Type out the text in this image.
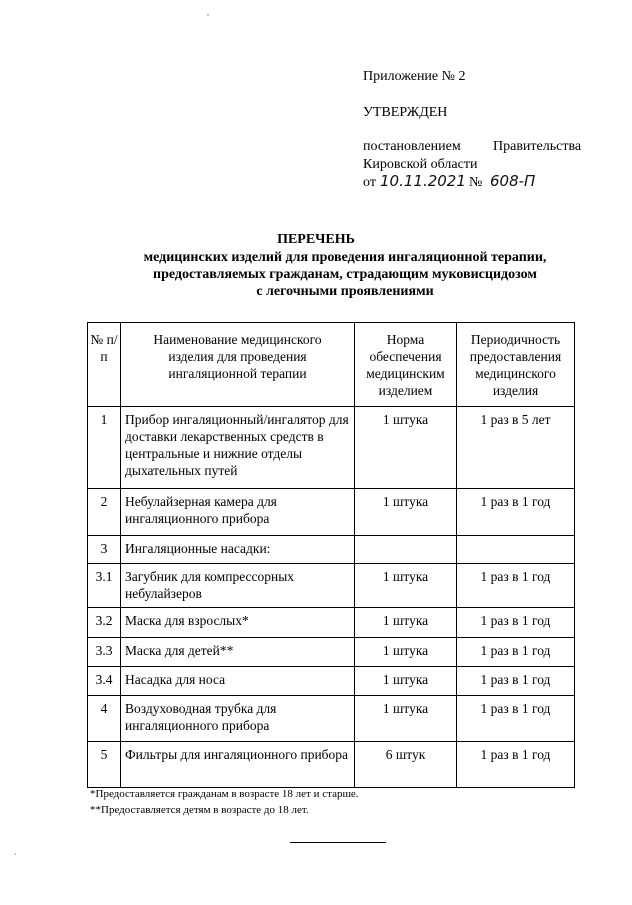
Приложение № 2
УТВЕРЖДЕН
постановлением Правительства
Кировской области
от 10.11.2021 № 608-П
ПЕРЕЧЕНЬ
медицинских изделий для проведения ингаляционной терапии,
предоставляемых гражданам, страдающим муковисцидозом
с легочными проявлениями
№ п/п	Наименование медицинского изделия для проведения ингаляционной терапии	Норма обеспечения медицинским изделием	Периодичность предоставления медицинского изделия
1	Прибор ингаляционный/ингалятор для доставки лекарственных средств в центральные и нижние отделы дыхательных путей	1 штука	1 раз в 5 лет
2	Небулайзерная камера для ингаляционного прибора	1 штука	1 раз в 1 год
3	Ингаляционные насадки:		
3.1	Загубник для компрессорных небулайзеров	1 штука	1 раз в 1 год
3.2	Маска для взрослых*	1 штука	1 раз в 1 год
3.3	Маска для детей**	1 штука	1 раз в 1 год
3.4	Насадка для носа	1 штука	1 раз в 1 год
4	Воздуховодная трубка для ингаляционного прибора	1 штука	1 раз в 1 год
5	Фильтры для ингаляционного прибора	6 штук	1 раз в 1 год
*Предоставляется гражданам в возрасте 18 лет и старше.
**Предоставляется детям в возрасте до 18 лет.
